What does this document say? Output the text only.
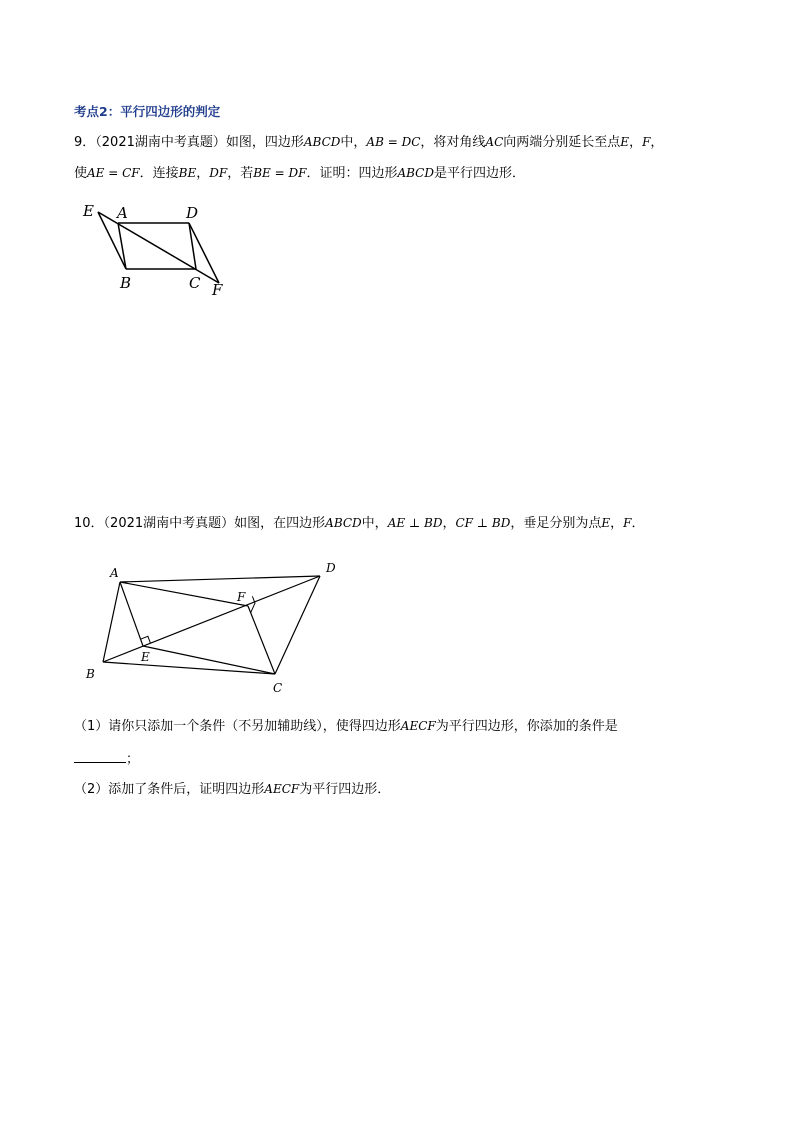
考点2：平行四边形的判定
9．（2021湖南中考真题）如图，四边形ABCD中，AB = DC，将对角线AC向两端分别延长至点E，F，
使AE = CF．连接BE，DF，若BE = DF．证明：四边形ABCD是平行四边形．
E A	D
B	C F
10．（2021湖南中考真题）如图，在四边形ABCD中，AE ⊥ BD，CF ⊥ BD，垂足分别为点E，F．
A	D
F
E
B
C
（1）请你只添加一个条件（不另加辅助线），使得四边形AECF为平行四边形，你添加的条件是
；
（2）添加了条件后，证明四边形AECF为平行四边形．
